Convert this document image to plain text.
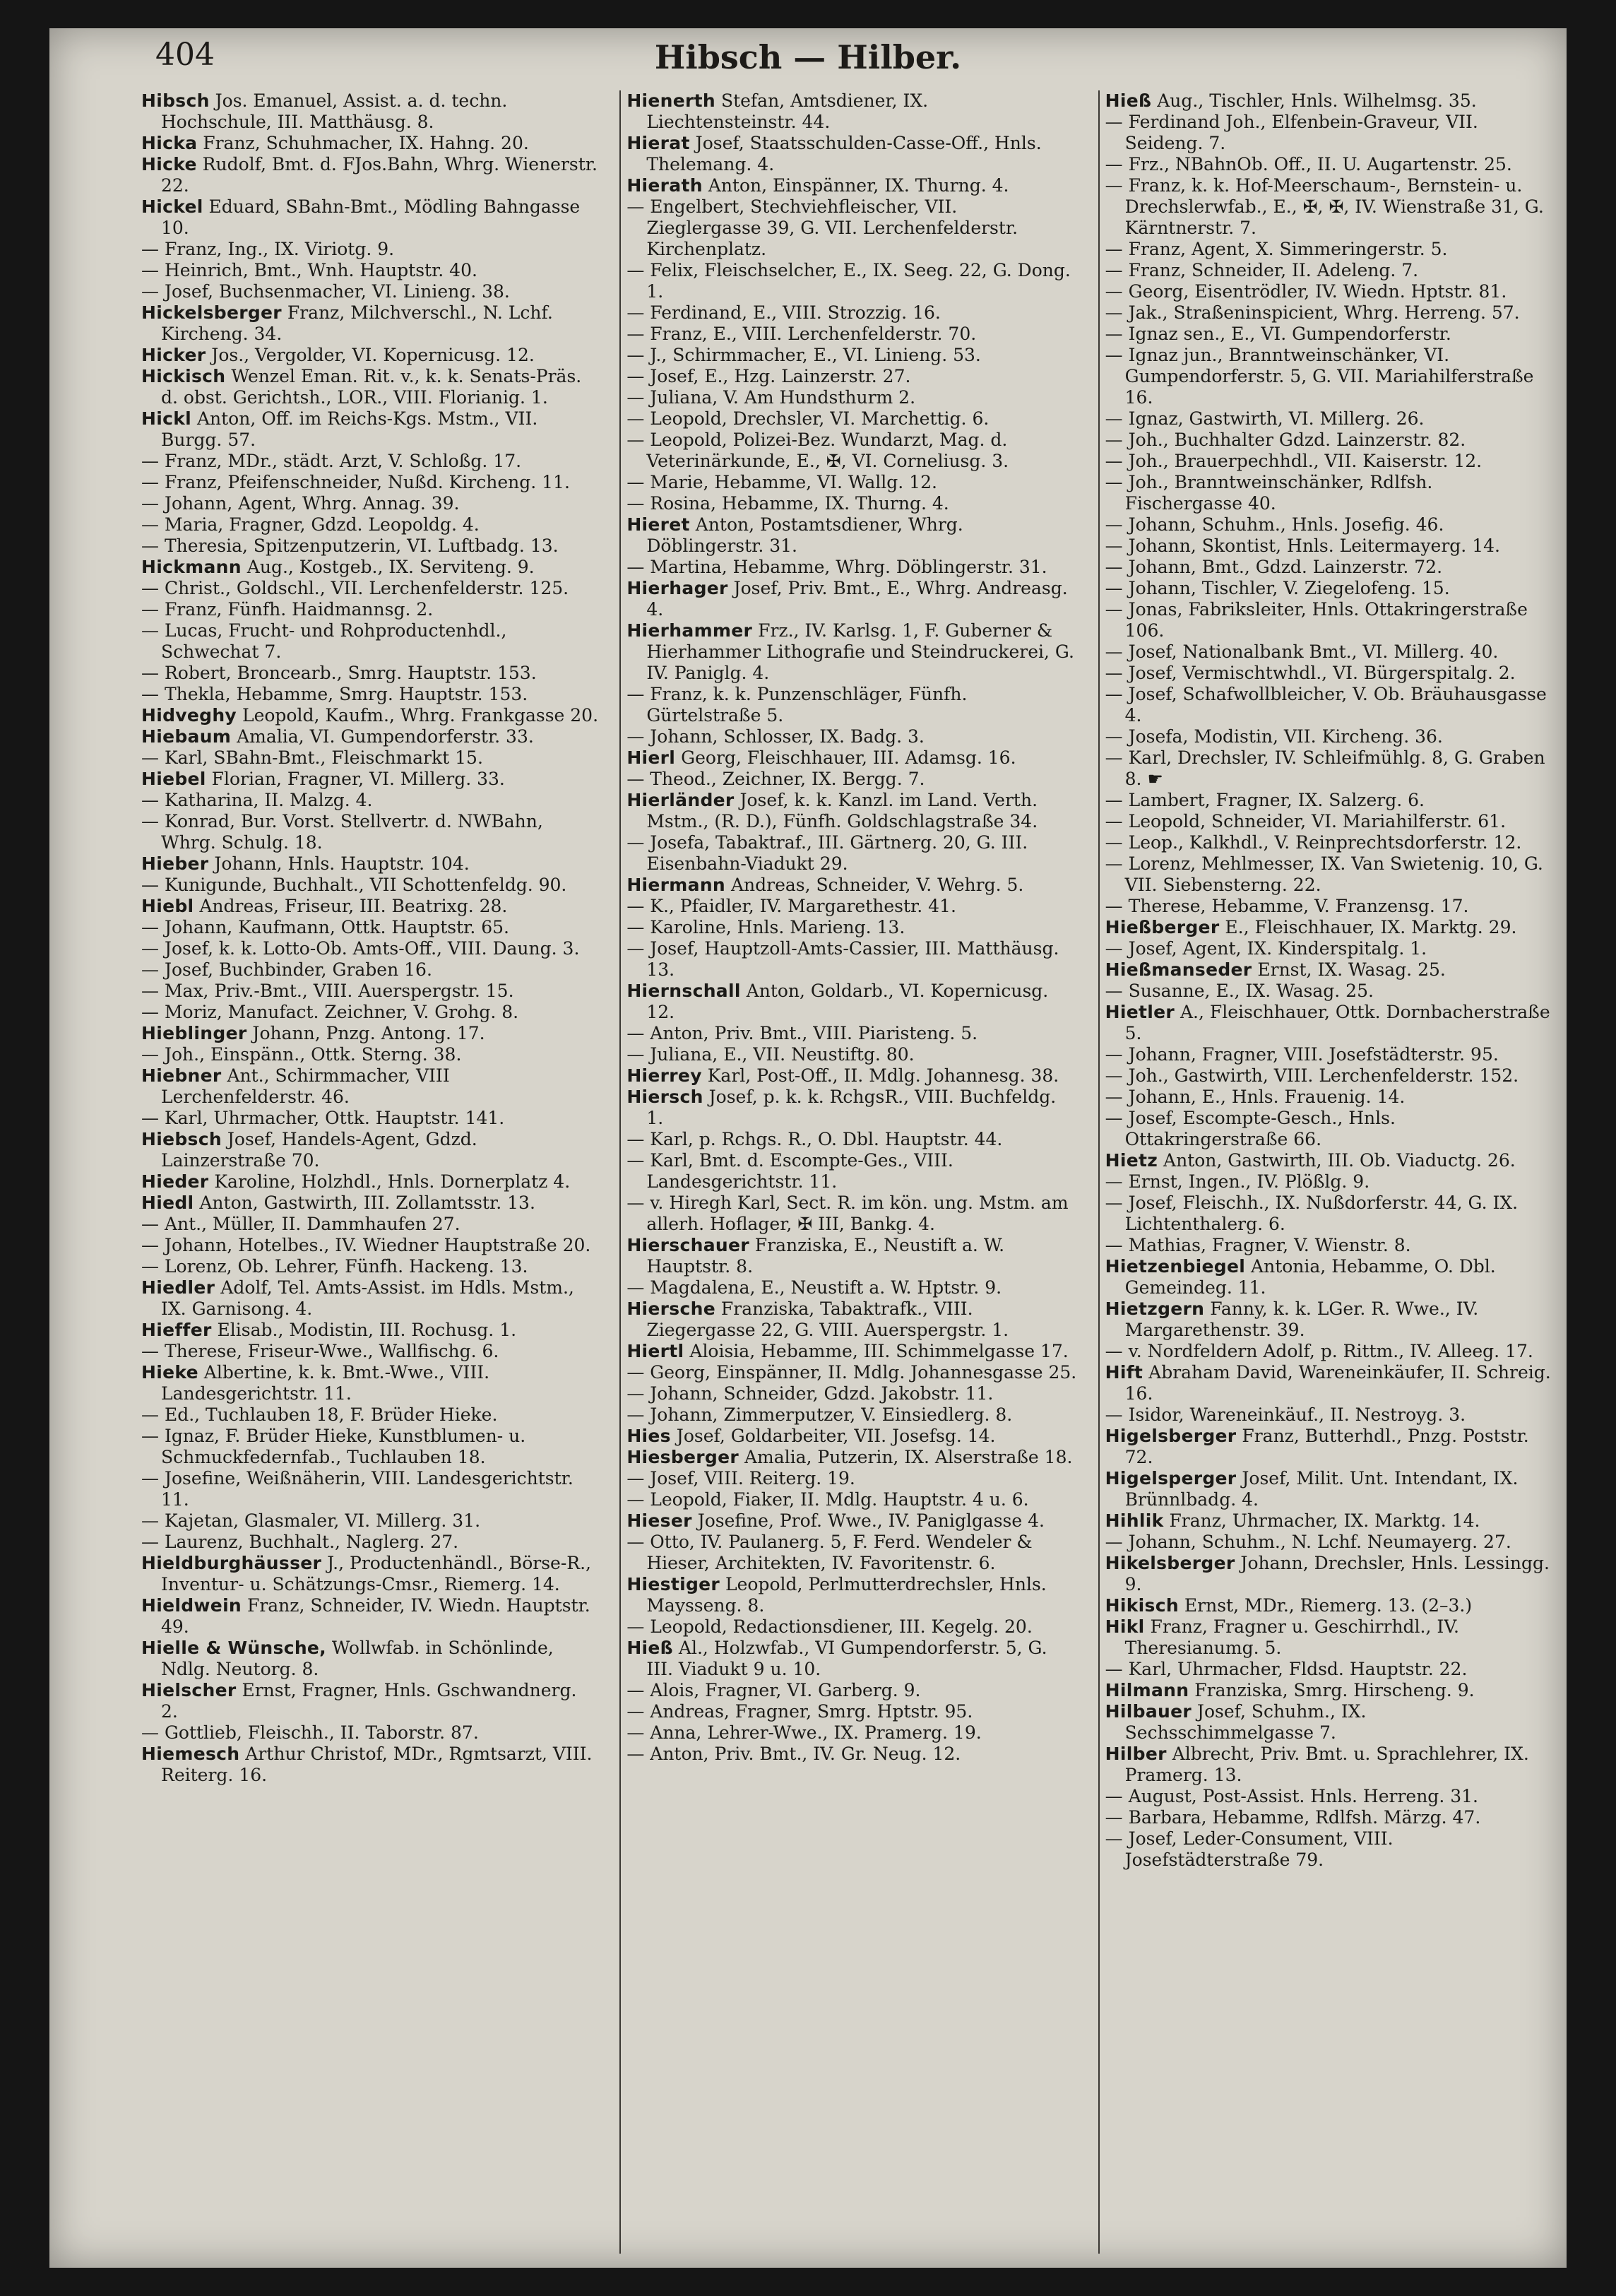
404	Hibsch — Hilber.

Hibsch Jos. Emanuel, Assist. a. d. techn. Hochschule, III. Matthäusg. 8.

Hicka Franz, Schuhmacher, IX. Hahng. 20.

Hicke Rudolf, Bmt. d. FJos.Bahn, Whrg. Wienerstr. 22.

Hickel Eduard, SBahn-Bmt., Mödling Bahngasse 10.

— Franz, Ing., IX. Viriotg. 9.

— Heinrich, Bmt., Wnh. Hauptstr. 40.

— Josef, Buchsenmacher, VI. Linieng. 38.

Hickelsberger Franz, Milchverschl., N. Lchf. Kircheng. 34.

Hicker Jos., Vergolder, VI. Kopernicusg. 12.

Hickisch Wenzel Eman. Rit. v., k. k. Senats-Präs. d. obst. Gerichtsh., LOR., VIII. Florianig. 1.

Hickl Anton, Off. im Reichs-Kgs. Mstm., VII. Burgg. 57.

— Franz, MDr., städt. Arzt, V. Schloßg. 17.

— Franz, Pfeifenschneider, Nußd. Kircheng. 11.

— Johann, Agent, Whrg. Annag. 39.

— Maria, Fragner, Gdzd. Leopoldg. 4.

— Theresia, Spitzenputzerin, VI. Luftbadg. 13.

Hickmann Aug., Kostgeb., IX. Serviteng. 9.

— Christ., Goldschl., VII. Lerchenfelderstr. 125.

— Franz, Fünfh. Haidmannsg. 2.

— Lucas, Frucht- und Rohproductenhdl., Schwechat 7.

— Robert, Broncearb., Smrg. Hauptstr. 153.

— Thekla, Hebamme, Smrg. Hauptstr. 153.

Hidveghy Leopold, Kaufm., Whrg. Frankgasse 20.

Hiebaum Amalia, VI. Gumpendorferstr. 33.

— Karl, SBahn-Bmt., Fleischmarkt 15.

Hiebel Florian, Fragner, VI. Millerg. 33.

— Katharina, II. Malzg. 4.

— Konrad, Bur. Vorst. Stellvertr. d. NWBahn, Whrg. Schulg. 18.

Hieber Johann, Hnls. Hauptstr. 104.

— Kunigunde, Buchhalt., VII Schottenfeldg. 90.

Hiebl Andreas, Friseur, III. Beatrixg. 28.

— Johann, Kaufmann, Ottk. Hauptstr. 65.

— Josef, k. k. Lotto-Ob. Amts-Off., VIII. Daung. 3.

— Josef, Buchbinder, Graben 16.

— Max, Priv.-Bmt., VIII. Auerspergstr. 15.

— Moriz, Manufact. Zeichner, V. Grohg. 8.

Hieblinger Johann, Pnzg. Antong. 17.

— Joh., Einspänn., Ottk. Sterng. 38.

Hiebner Ant., Schirmmacher, VIII Lerchenfelderstr. 46.

— Karl, Uhrmacher, Ottk. Hauptstr. 141.

Hiebsch Josef, Handels-Agent, Gdzd. Lainzerstraße 70.

Hieder Karoline, Holzhdl., Hnls. Dornerplatz 4.

Hiedl Anton, Gastwirth, III. Zollamtsstr. 13.

— Ant., Müller, II. Dammhaufen 27.

— Johann, Hotelbes., IV. Wiedner Hauptstraße 20.

— Lorenz, Ob. Lehrer, Fünfh. Hackeng. 13.

Hiedler Adolf, Tel. Amts-Assist. im Hdls. Mstm., IX. Garnisong. 4.

Hieffer Elisab., Modistin, III. Rochusg. 1.

— Therese, Friseur-Wwe., Wallfischg. 6.

Hieke Albertine, k. k. Bmt.-Wwe., VIII. Landesgerichtstr. 11.

— Ed., Tuchlauben 18, F. Brüder Hieke.

— Ignaz, F. Brüder Hieke, Kunstblumen- u. Schmuckfedernfab., Tuchlauben 18.

— Josefine, Weißnäherin, VIII. Landesgerichtstr. 11.

— Kajetan, Glasmaler, VI. Millerg. 31.

— Laurenz, Buchhalt., Naglerg. 27.

Hieldburghäusser J., Productenhändl., Börse-R., Inventur- u. Schätzungs-Cmsr., Riemerg. 14.

Hieldwein Franz, Schneider, IV. Wiedn. Hauptstr. 49.

Hielle & Wünsche, Wollwfab. in Schönlinde, Ndlg. Neutorg. 8.

Hielscher Ernst, Fragner, Hnls. Gschwandnerg. 2.

— Gottlieb, Fleischh., II. Taborstr. 87.

Hiemesch Arthur Christof, MDr., Rgmtsarzt, VIII. Reiterg. 16.

Hienerth Stefan, Amtsdiener, IX. Liechtensteinstr. 44.

Hierat Josef, Staatsschulden-Casse-Off., Hnls. Thelemang. 4.

Hierath Anton, Einspänner, IX. Thurng. 4.

— Engelbert, Stechviehfleischer, VII. Zieglergasse 39, G. VII. Lerchenfelderstr. Kirchenplatz.

— Felix, Fleischselcher, E., IX. Seeg. 22, G. Dong. 1.

— Ferdinand, E., VIII. Strozzig. 16.

— Franz, E., VIII. Lerchenfelderstr. 70.

— J., Schirmmacher, E., VI. Linieng. 53.

— Josef, E., Hzg. Lainzerstr. 27.

— Juliana, V. Am Hundsthurm 2.

— Leopold, Drechsler, VI. Marchettig. 6.

— Leopold, Polizei-Bez. Wundarzt, Mag. d. Veterinärkunde, E., ✠, VI. Corneliusg. 3.

— Marie, Hebamme, VI. Wallg. 12.

— Rosina, Hebamme, IX. Thurng. 4.

Hieret Anton, Postamtsdiener, Whrg. Döblingerstr. 31.

— Martina, Hebamme, Whrg. Döblingerstr. 31.

Hierhager Josef, Priv. Bmt., E., Whrg. Andreasg. 4.

Hierhammer Frz., IV. Karlsg. 1, F. Guberner & Hierhammer Lithografie und Steindruckerei, G. IV. Paniglg. 4.

— Franz, k. k. Punzenschläger, Fünfh. Gürtelstraße 5.

— Johann, Schlosser, IX. Badg. 3.

Hierl Georg, Fleischhauer, III. Adamsg. 16.

— Theod., Zeichner, IX. Bergg. 7.

Hierländer Josef, k. k. Kanzl. im Land. Verth. Mstm., (R. D.), Fünfh. Goldschlagstraße 34.

— Josefa, Tabaktraf., III. Gärtnerg. 20, G. III. Eisenbahn-Viadukt 29.

Hiermann Andreas, Schneider, V. Wehrg. 5.

— K., Pfaidler, IV. Margarethestr. 41.

— Karoline, Hnls. Marieng. 13.

— Josef, Hauptzoll-Amts-Cassier, III. Matthäusg. 13.

Hiernschall Anton, Goldarb., VI. Kopernicusg. 12.

— Anton, Priv. Bmt., VIII. Piaristeng. 5.

— Juliana, E., VII. Neustiftg. 80.

Hierrey Karl, Post-Off., II. Mdlg. Johannesg. 38.

Hiersch Josef, p. k. k. RchgsR., VIII. Buchfeldg. 1.

— Karl, p. Rchgs. R., O. Dbl. Hauptstr. 44.

— Karl, Bmt. d. Escompte-Ges., VIII. Landesgerichtstr. 11.

— v. Hiregh Karl, Sect. R. im kön. ung. Mstm. am allerh. Hoflager, ✠ III, Bankg. 4.

Hierschauer Franziska, E., Neustift a. W. Hauptstr. 8.

— Magdalena, E., Neustift a. W. Hptstr. 9.

Hiersche Franziska, Tabaktrafk., VIII. Ziegergasse 22, G. VIII. Auerspergstr. 1.

Hiertl Aloisia, Hebamme, III. Schimmelgasse 17.

— Georg, Einspänner, II. Mdlg. Johannesgasse 25.

— Johann, Schneider, Gdzd. Jakobstr. 11.

— Johann, Zimmerputzer, V. Einsiedlerg. 8.

Hies Josef, Goldarbeiter, VII. Josefsg. 14.

Hiesberger Amalia, Putzerin, IX. Alserstraße 18.

— Josef, VIII. Reiterg. 19.

— Leopold, Fiaker, II. Mdlg. Hauptstr. 4 u. 6.

Hieser Josefine, Prof. Wwe., IV. Paniglgasse 4.

— Otto, IV. Paulanerg. 5, F. Ferd. Wendeler & Hieser, Architekten, IV. Favoritenstr. 6.

Hiestiger Leopold, Perlmutterdrechsler, Hnls. Maysseng. 8.

— Leopold, Redactionsdiener, III. Kegelg. 20.

Hieß Al., Holzwfab., VI Gumpendorferstr. 5, G. III. Viadukt 9 u. 10.

— Alois, Fragner, VI. Garberg. 9.

— Andreas, Fragner, Smrg. Hptstr. 95.

— Anna, Lehrer-Wwe., IX. Pramerg. 19.

— Anton, Priv. Bmt., IV. Gr. Neug. 12.

Hieß Aug., Tischler, Hnls. Wilhelmsg. 35.

— Ferdinand Joh., Elfenbein-Graveur, VII. Seideng. 7.

— Frz., NBahnOb. Off., II. U. Augartenstr. 25.

— Franz, k. k. Hof-Meerschaum-, Bernstein- u. Drechslerwfab., E., ✠, ✠, IV. Wienstraße 31, G. Kärntnerstr. 7.

— Franz, Agent, X. Simmeringerstr. 5.

— Franz, Schneider, II. Adeleng. 7.

— Georg, Eisentrödler, IV. Wiedn. Hptstr. 81.

— Jak., Straßeninspicient, Whrg. Herreng. 57.

— Ignaz sen., E., VI. Gumpendorferstr.

— Ignaz jun., Branntweinschänker, VI. Gumpendorferstr. 5, G. VII. Mariahilferstraße 16.

— Ignaz, Gastwirth, VI. Millerg. 26.

— Joh., Buchhalter Gdzd. Lainzerstr. 82.

— Joh., Brauerpechhdl., VII. Kaiserstr. 12.

— Joh., Branntweinschänker, Rdlfsh. Fischergasse 40.

— Johann, Schuhm., Hnls. Josefig. 46.

— Johann, Skontist, Hnls. Leitermayerg. 14.

— Johann, Bmt., Gdzd. Lainzerstr. 72.

— Johann, Tischler, V. Ziegelofeng. 15.

— Jonas, Fabriksleiter, Hnls. Ottakringerstraße 106.

— Josef, Nationalbank Bmt., VI. Millerg. 40.

— Josef, Vermischtwhdl., VI. Bürgerspitalg. 2.

— Josef, Schafwollbleicher, V. Ob. Bräuhausgasse 4.

— Josefa, Modistin, VII. Kircheng. 36.

— Karl, Drechsler, IV. Schleifmühlg. 8, G. Graben 8. ☛

— Lambert, Fragner, IX. Salzerg. 6.

— Leopold, Schneider, VI. Mariahilferstr. 61.

— Leop., Kalkhdl., V. Reinprechtsdorferstr. 12.

— Lorenz, Mehlmesser, IX. Van Swietenig. 10, G. VII. Siebensterng. 22.

— Therese, Hebamme, V. Franzensg. 17.

Hießberger E., Fleischhauer, IX. Marktg. 29.

— Josef, Agent, IX. Kinderspitalg. 1.

Hießmanseder Ernst, IX. Wasag. 25.

— Susanne, E., IX. Wasag. 25.

Hietler A., Fleischhauer, Ottk. Dornbacherstraße 5.

— Johann, Fragner, VIII. Josefstädterstr. 95.

— Joh., Gastwirth, VIII. Lerchenfelderstr. 152.

— Johann, E., Hnls. Frauenig. 14.

— Josef, Escompte-Gesch., Hnls. Ottakringerstraße 66.

Hietz Anton, Gastwirth, III. Ob. Viaductg. 26.

— Ernst, Ingen., IV. Plößlg. 9.

— Josef, Fleischh., IX. Nußdorferstr. 44, G. IX. Lichtenthalerg. 6.

— Mathias, Fragner, V. Wienstr. 8.

Hietzenbiegel Antonia, Hebamme, O. Dbl. Gemeindeg. 11.

Hietzgern Fanny, k. k. LGer. R. Wwe., IV. Margarethenstr. 39.

— v. Nordfeldern Adolf, p. Rittm., IV. Alleeg. 17.

Hift Abraham David, Wareneinkäufer, II. Schreig. 16.

— Isidor, Wareneinkäuf., II. Nestroyg. 3.

Higelsberger Franz, Butterhdl., Pnzg. Poststr. 72.

Higelsperger Josef, Milit. Unt. Intendant, IX. Brünnlbadg. 4.

Hihlik Franz, Uhrmacher, IX. Marktg. 14.

— Johann, Schuhm., N. Lchf. Neumayerg. 27.

Hikelsberger Johann, Drechsler, Hnls. Lessingg. 9.

Hikisch Ernst, MDr., Riemerg. 13. (2–3.)

Hikl Franz, Fragner u. Geschirrhdl., IV. Theresianumg. 5.

— Karl, Uhrmacher, Fldsd. Hauptstr. 22.

Hilmann Franziska, Smrg. Hirscheng. 9.

Hilbauer Josef, Schuhm., IX. Sechsschimmelgasse 7.

Hilber Albrecht, Priv. Bmt. u. Sprachlehrer, IX. Pramerg. 13.

— August, Post-Assist. Hnls. Herreng. 31.

— Barbara, Hebamme, Rdlfsh. Märzg. 47.

— Josef, Leder-Consument, VIII. Josefstädterstraße 79.
